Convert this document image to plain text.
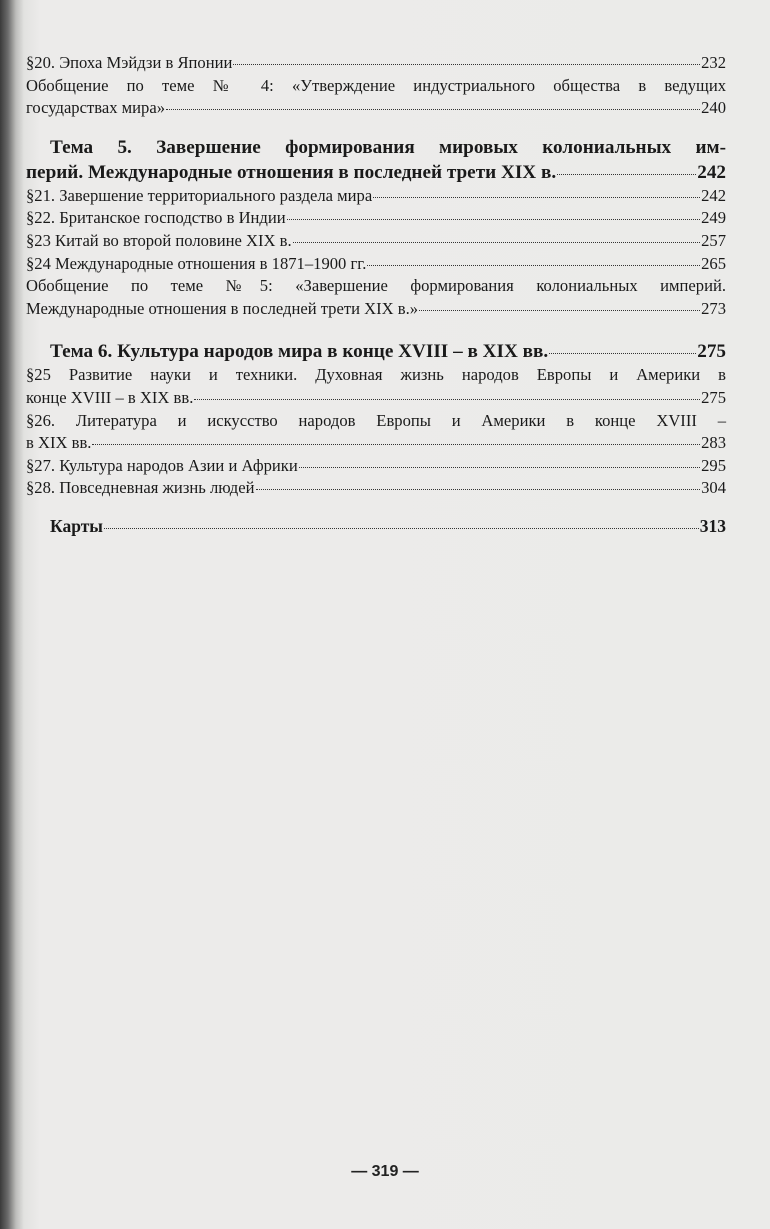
§20. Эпоха Мэйдзи в Японии	232
Обобщение по теме № 4: «Утверждение индустриального общества в ведущих
государствах мира»	240
Тема 5. Завершение формирования мировых колониальных им-
перий. Международные отношения в последней трети XIX в.	242
§21. Завершение территориального раздела мира	242
§22. Британское господство в Индии	249
§23 Китай во второй половине XIX в.	257
§24 Международные отношения в 1871–1900 гг.	265
Обобщение по теме №5: «Завершение формирования колониальных империй.
Международные отношения в последней трети XIX в.»	273
Тема 6. Культура народов мира в конце XVIII – в XIX вв.	275
§25 Развитие науки и техники. Духовная жизнь народов Европы и Америки в
конце XVIII – в XIX вв.	275
§26. Литература и искусство народов Европы и Америки в конце XVIII –
в XIX вв.	283
§27. Культура народов Азии и Африки	295
§28. Повседневная жизнь людей	304
Карты	313
— 319 —
